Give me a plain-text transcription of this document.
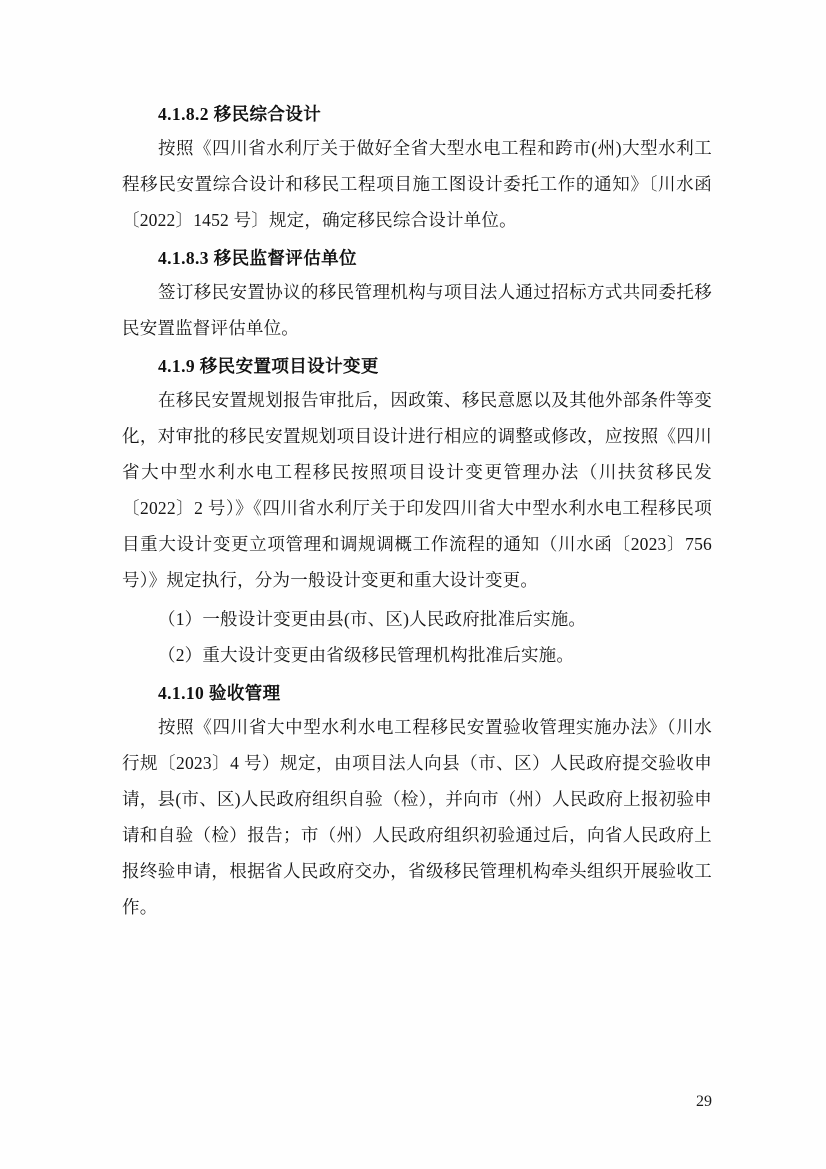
4.1.8.2 移民综合设计

按照《四川省水利厅关于做好全省大型水电工程和跨市(州)大型水利工程移民安置综合设计和移民工程项目施工图设计委托工作的通知》〔川水函〔2022〕1452 号〕规定，确定移民综合设计单位。

4.1.8.3 移民监督评估单位

签订移民安置协议的移民管理机构与项目法人通过招标方式共同委托移民安置监督评估单位。

4.1.9 移民安置项目设计变更

在移民安置规划报告审批后，因政策、移民意愿以及其他外部条件等变化，对审批的移民安置规划项目设计进行相应的调整或修改，应按照《四川省大中型水利水电工程移民按照项目设计变更管理办法（川扶贫移民发〔2022〕2 号）》《四川省水利厅关于印发四川省大中型水利水电工程移民项目重大设计变更立项管理和调规调概工作流程的通知（川水函〔2023〕756 号）》规定执行，分为一般设计变更和重大设计变更。

（1）一般设计变更由县(市、区)人民政府批准后实施。

（2）重大设计变更由省级移民管理机构批准后实施。

4.1.10 验收管理

按照《四川省大中型水利水电工程移民安置验收管理实施办法》（川水行规〔2023〕4 号）规定，由项目法人向县（市、区）人民政府提交验收申请，县(市、区)人民政府组织自验（检），并向市（州）人民政府上报初验申请和自验（检）报告；市（州）人民政府组织初验通过后，向省人民政府上报终验申请，根据省人民政府交办，省级移民管理机构牵头组织开展验收工作。

29
